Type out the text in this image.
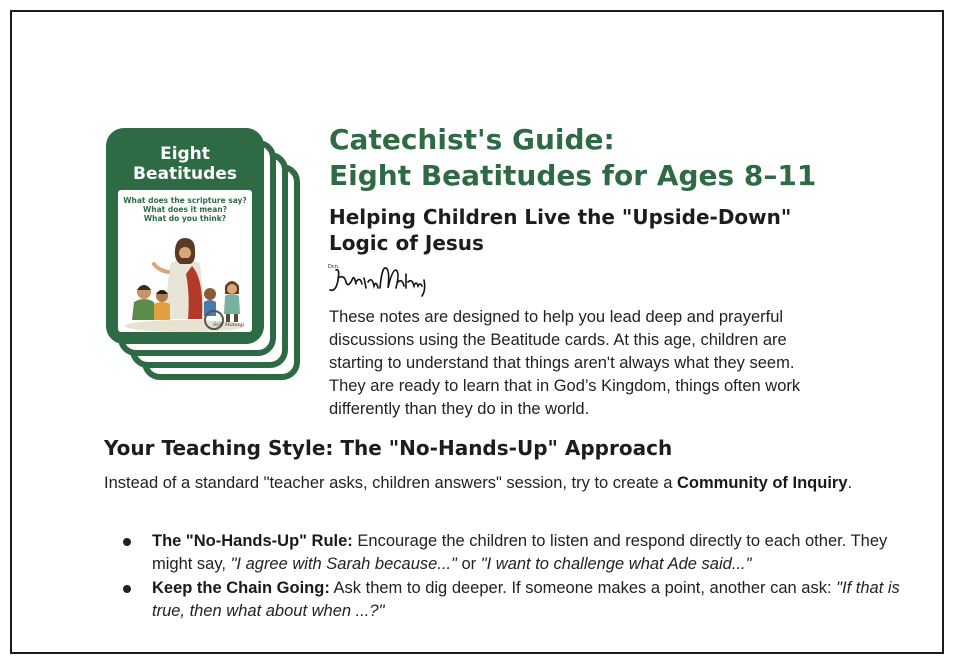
Eight
Beatitudes
What does the scripture say?
What does it mean?
What do you think?
Still Malunji
Catechist's Guide:
Eight Beatitudes for Ages 8–11
Helping Children Live the "Upside-Down"
Logic of Jesus
Dcn.
These notes are designed to help you lead deep and prayerful
discussions using the Beatitude cards. At this age, children are
starting to understand that things aren't always what they seem.
They are ready to learn that in God’s Kingdom, things often work
differently than they do in the world.
Your Teaching Style: The "No-Hands-Up" Approach
Instead of a standard "teacher asks, children answers" session, try to create a Community of Inquiry.
The "No-Hands-Up" Rule: Encourage the children to listen and respond directly to each other. They might say, "I agree with Sarah because..." or "I want to challenge what Ade said..."
Keep the Chain Going: Ask them to dig deeper. If someone makes a point, another can ask: "If that is true, then what about when ...?"
